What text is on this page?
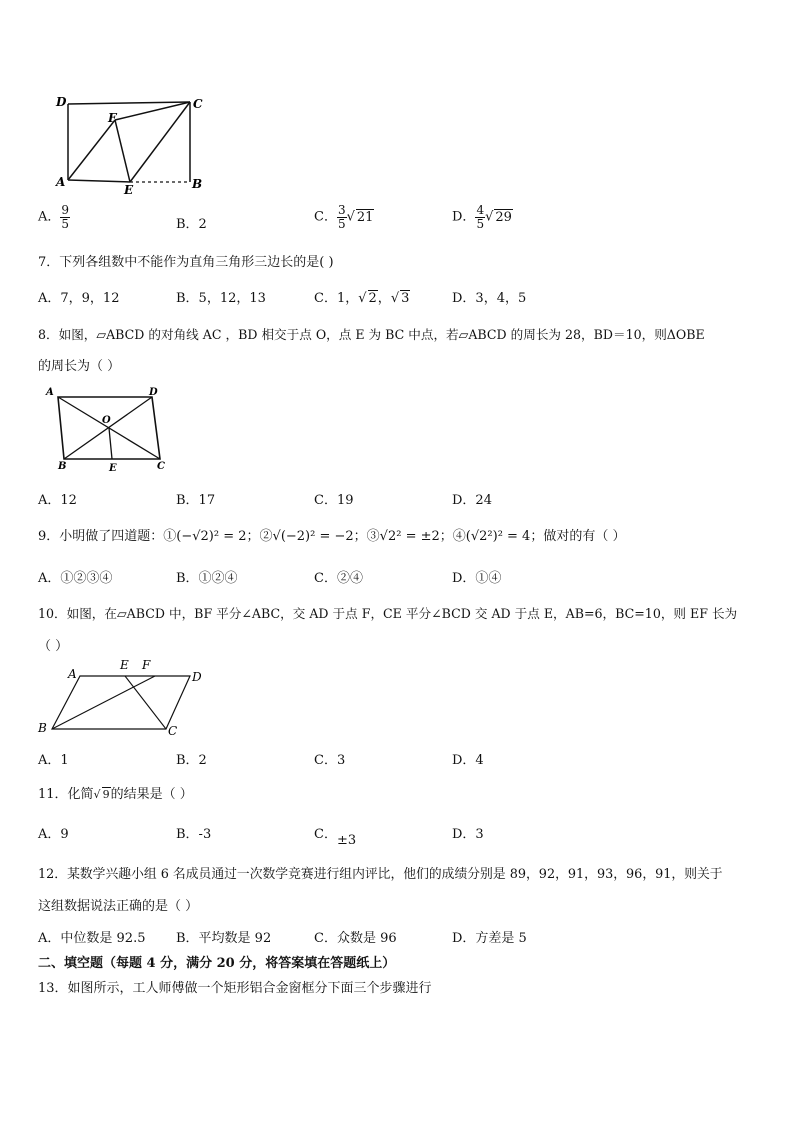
D	C
F
A
E	B
A． $\frac{9}{5}$	B．2	C． $\frac{3}{5}$ √ 21	D． $\frac{4}{5}$ √ 29
7．下列各组数中不能作为直角三角形三边长的是( )
A．7，9，12	B．5，12，13	C．1，√ 2，√ 3	D．3，4，5
8．如图，▱ABCD 的对角线 AC ，BD 相交于点 O，点 E 为 BC 中点，若▱ABCD 的周长为 28，BD＝10，则ΔOBE
的周长为（ ）
A	D
O
B	E	C
A．12	B．17	C．19	D．24
9．小明做了四道题：①(−√2)² = 2；②√(−2)² = −2；③√2² = ±2；④(√2²)² = 4；做对的有（ ）
A．①②③④	B．①②④	C．②④	D．①④
10．如图，在▱ABCD 中，BF 平分∠ABC，交 AD 于点 F，CE 平分∠BCD 交 AD 于点 E，AB=6，BC=10，则 EF 长为
（ ）
A
E F
D
B	C
A．1	B．2	C．3	D．4
11．化简√ 9的结果是（ ）
A．9	B．-3	C．±3	D．3
12．某数学兴趣小组 6 名成员通过一次数学竞赛进行组内评比，他们的成绩分别是 89，92，91，93，96，91，则关于
这组数据说法正确的是（ ）
A．中位数是 92.5 B．平均数是 92	C．众数是 96	D．方差是 5
二、填空题（每题 4 分，满分 20 分，将答案填在答题纸上）
13．如图所示，工人师傅做一个矩形铝合金窗框分下面三个步骤进行
